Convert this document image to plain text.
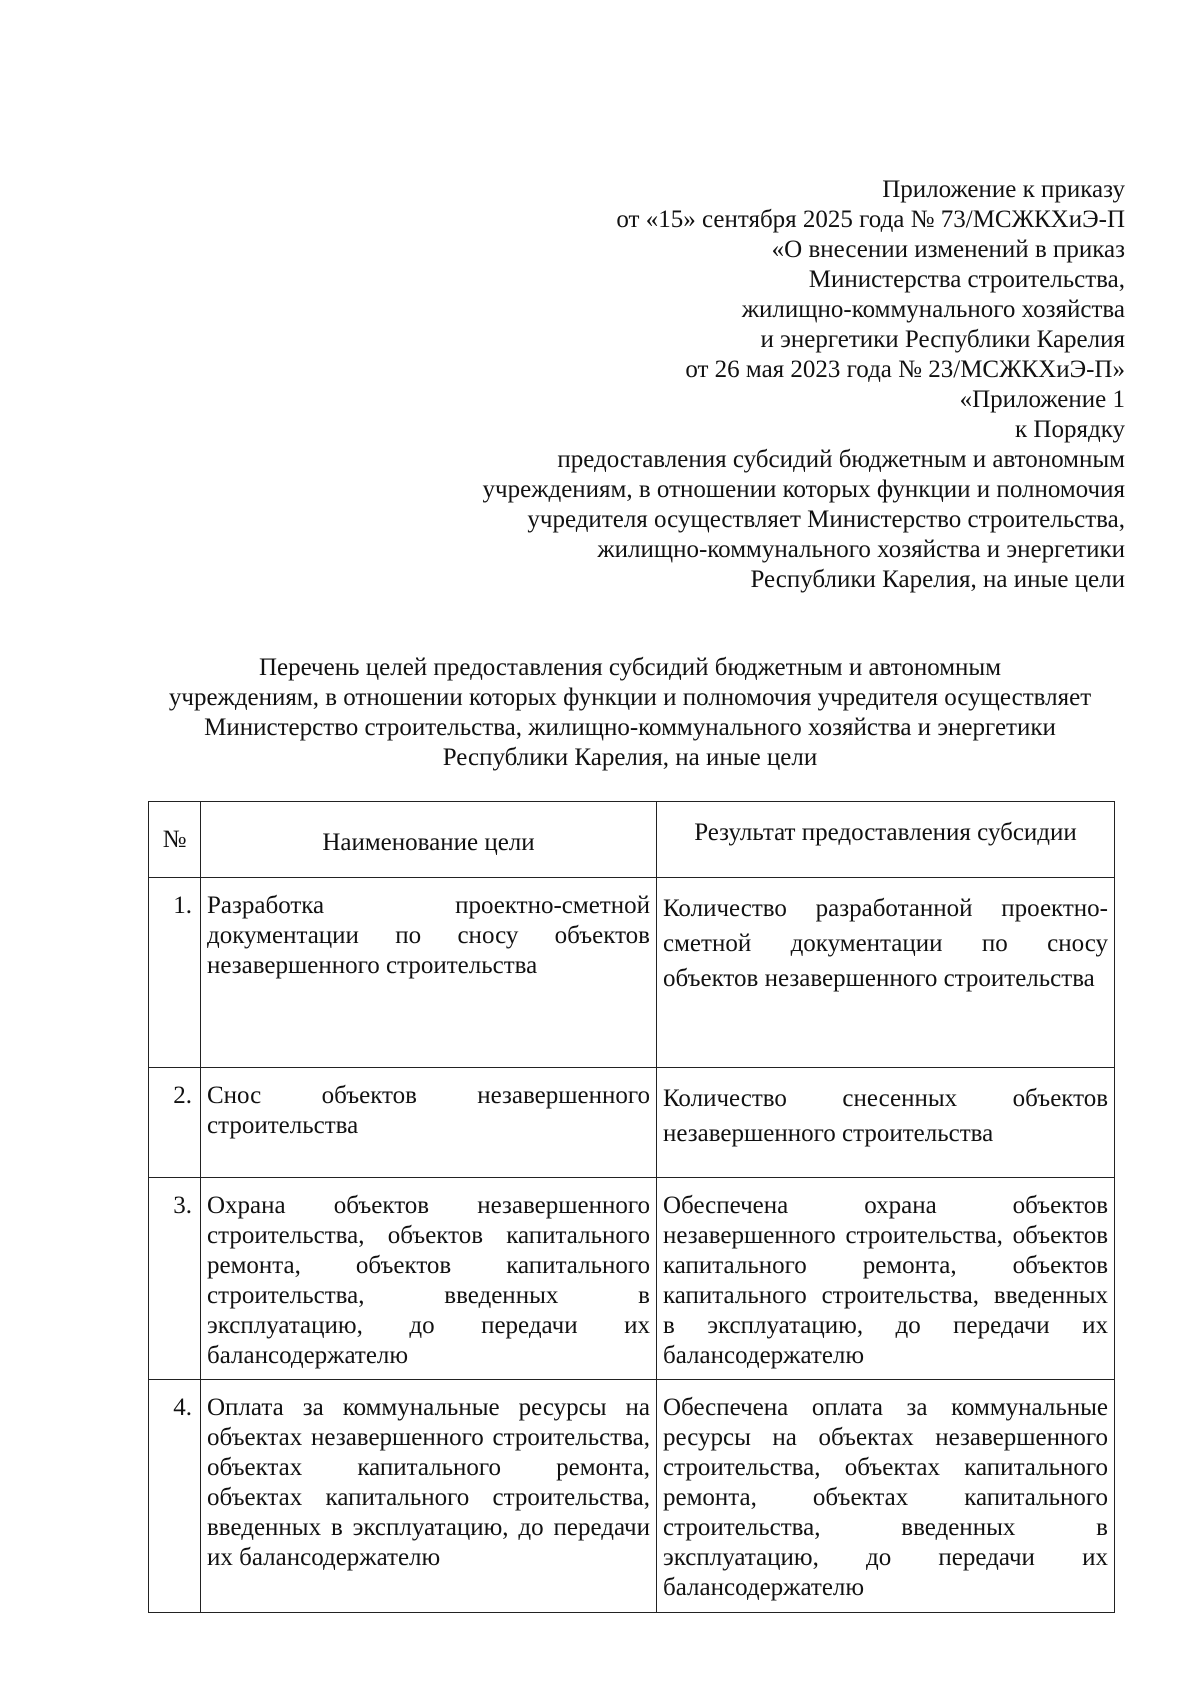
Приложение к приказу
от «15» сентября 2025 года № 73/МСЖКХиЭ-П
«О внесении изменений в приказ
Министерства строительства,
жилищно-коммунального хозяйства
и энергетики Республики Карелия
от 26 мая 2023 года № 23/МСЖКХиЭ-П»
«Приложение 1
к Порядку
предоставления субсидий бюджетным и автономным
учреждениям, в отношении которых функции и полномочия
учредителя осуществляет Министерство строительства,
жилищно-коммунального хозяйства и энергетики
Республики Карелия, на иные цели
Перечень целей предоставления субсидий бюджетным и автономным
учреждениям, в отношении которых функции и полномочия учредителя осуществляет
Министерство строительства, жилищно-коммунального хозяйства и энергетики
Республики Карелия, на иные цели
№	Наименование цели	Результат предоставления субсидии
1.	Разработка проектно-сметной документации по сносу объектов незавершенного строительства	Количество разработанной проектно-сметной документации по сносу объектов незавершенного строительства
2.	Снос объектов незавершенного строительства	Количество снесенных объектов незавершенного строительства
3.	Охрана объектов незавершенного строительства, объектов капитального ремонта, объектов капитального строительства, введенных в эксплуатацию, до передачи их балансодержателю	Обеспечена охрана объектов незавершенного строительства, объектов капитального ремонта, объектов капитального строительства, введенных в эксплуатацию, до передачи их балансодержателю
4.	Оплата за коммунальные ресурсы на объектах незавершенного строительства, объектах капитального ремонта, объектах капитального строительства, введенных в эксплуатацию, до передачи их балансодержателю	Обеспечена оплата за коммунальные ресурсы на объектах незавершенного строительства, объектах капитального ремонта, объектах капитального строительства, введенных в эксплуатацию, до передачи их балансодержателю
